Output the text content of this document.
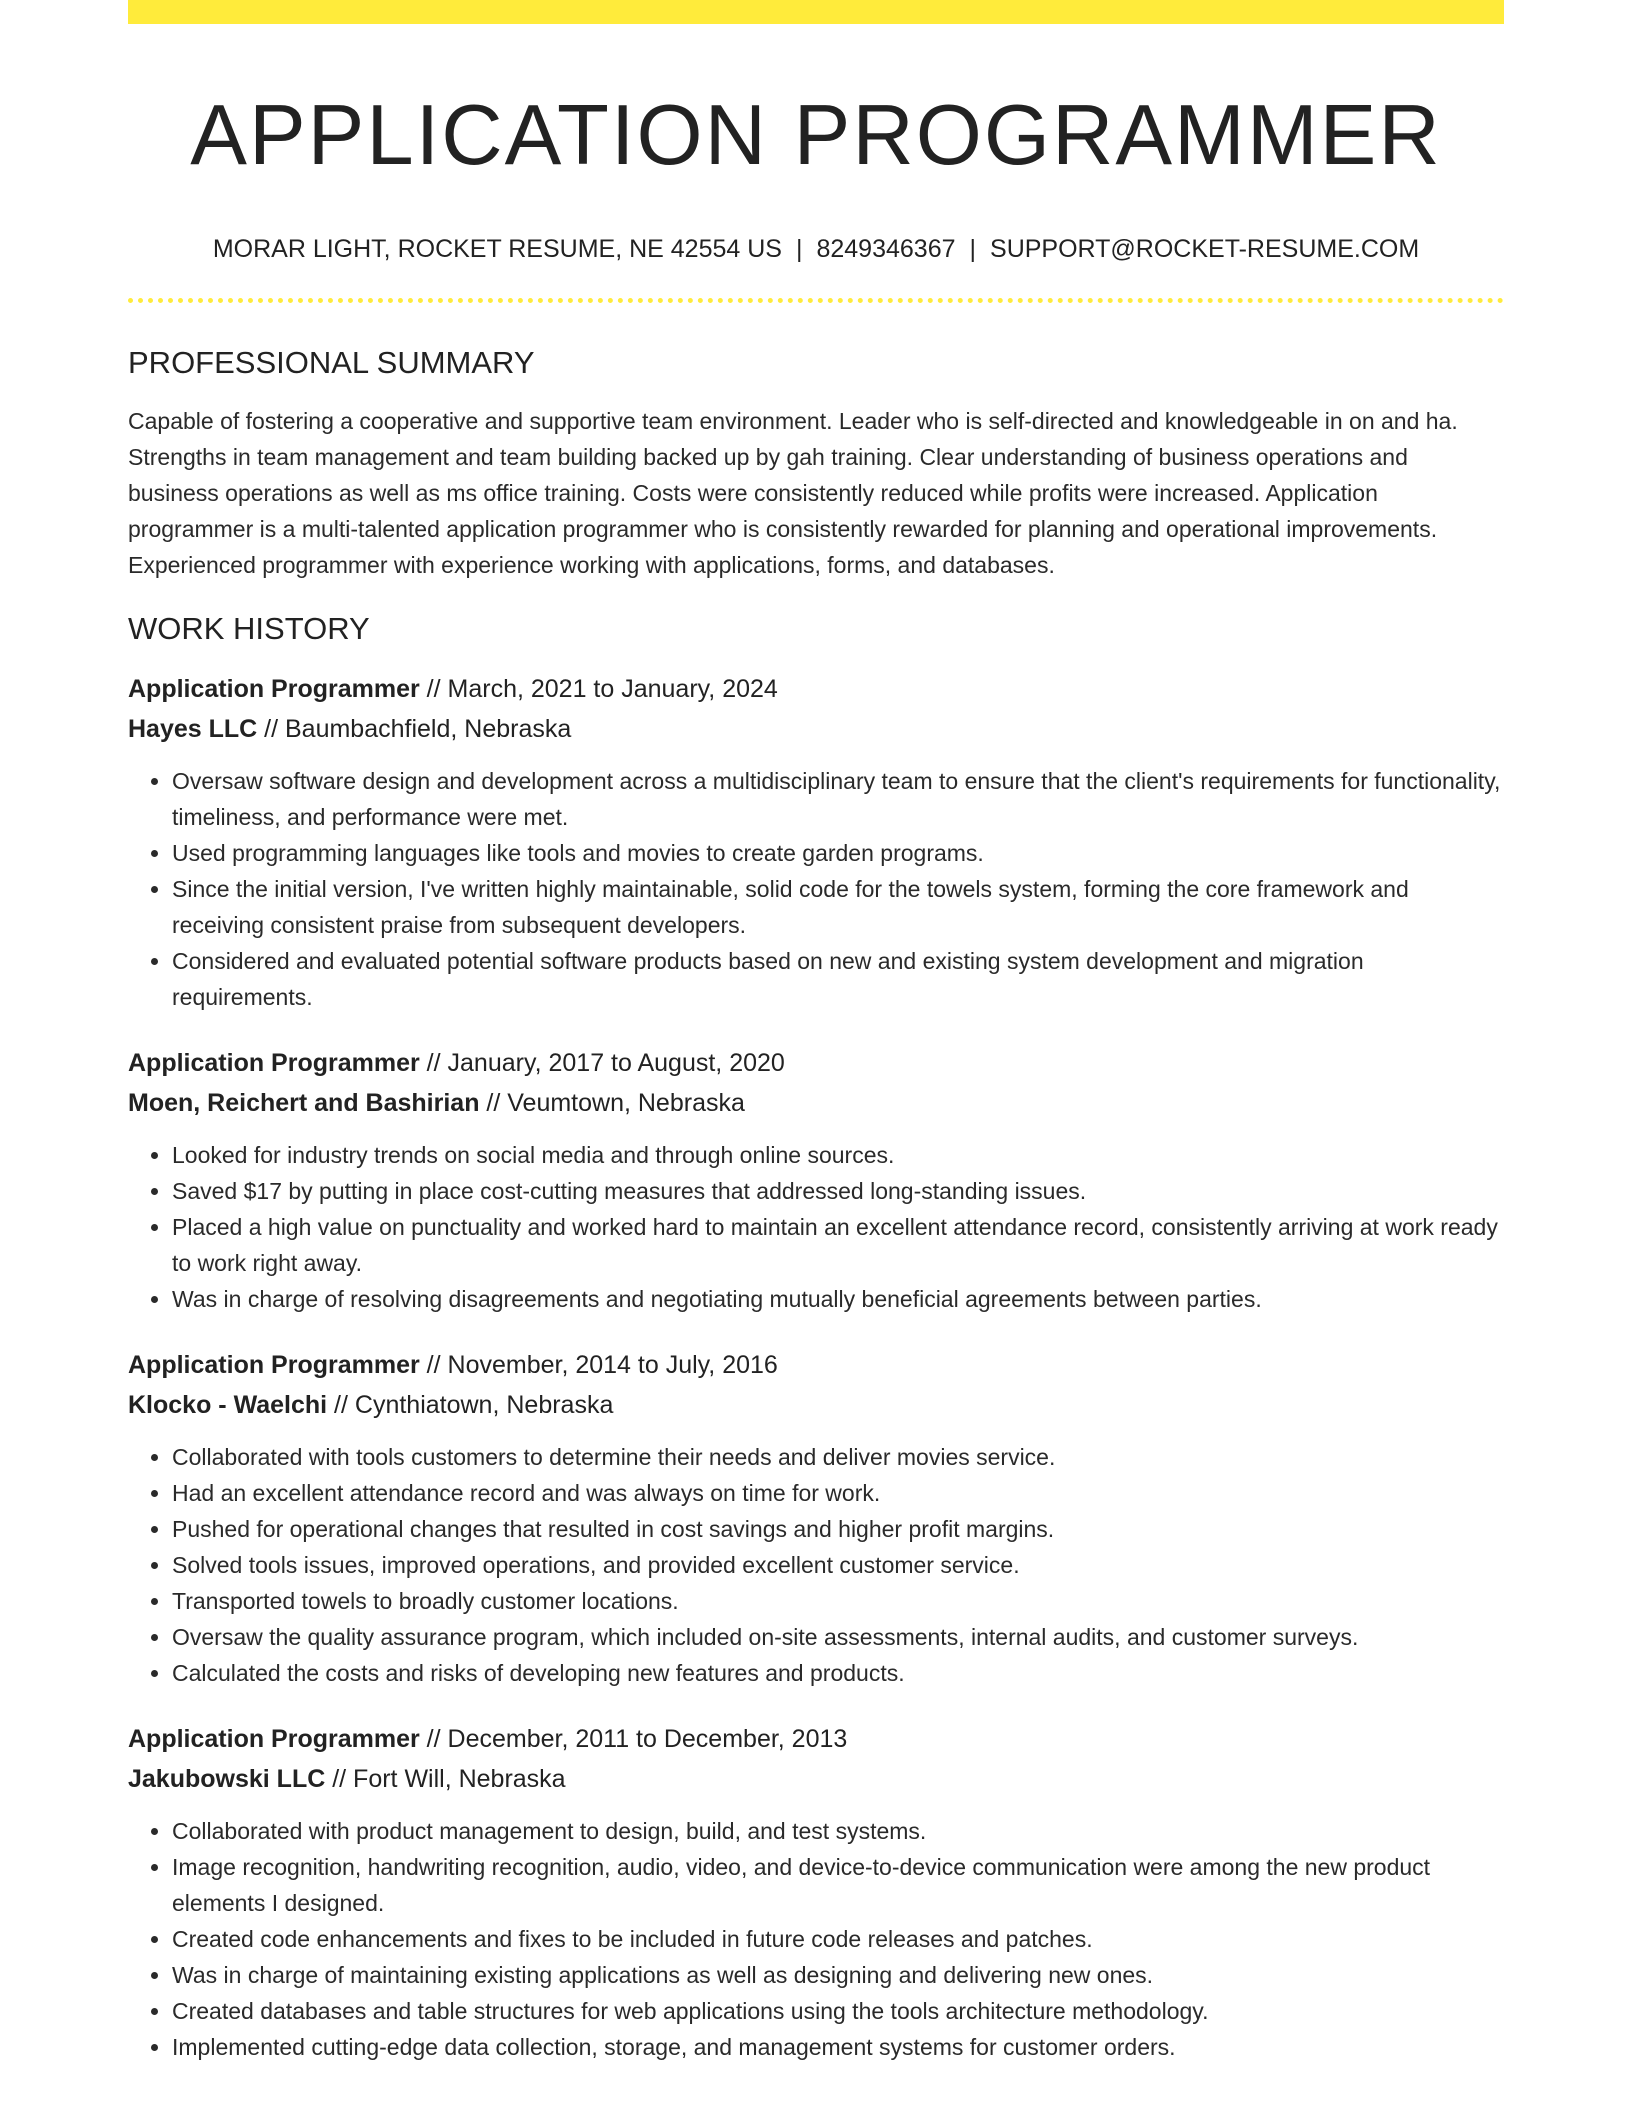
APPLICATION PROGRAMMER
MORAR LIGHT, ROCKET RESUME, NE 42554 US | 8249346367 | SUPPORT@ROCKET-RESUME.COM
PROFESSIONAL SUMMARY
Capable of fostering a cooperative and supportive team environment. Leader who is self-directed and knowledgeable in on and ha. Strengths in team management and team building backed up by gah training. Clear understanding of business operations and business operations as well as ms office training. Costs were consistently reduced while profits were increased. Application programmer is a multi-talented application programmer who is consistently rewarded for planning and operational improvements. Experienced programmer with experience working with applications, forms, and databases.
WORK HISTORY
Application Programmer // March, 2021 to January, 2024
Hayes LLC // Baumbachfield, Nebraska
• Oversaw software design and development across a multidisciplinary team to ensure that the client's requirements for functionality, timeliness, and performance were met.
• Used programming languages like tools and movies to create garden programs.
• Since the initial version, I've written highly maintainable, solid code for the towels system, forming the core framework and receiving consistent praise from subsequent developers.
• Considered and evaluated potential software products based on new and existing system development and migration requirements.
Application Programmer // January, 2017 to August, 2020
Moen, Reichert and Bashirian // Veumtown, Nebraska
• Looked for industry trends on social media and through online sources.
• Saved $17 by putting in place cost-cutting measures that addressed long-standing issues.
• Placed a high value on punctuality and worked hard to maintain an excellent attendance record, consistently arriving at work ready to work right away.
• Was in charge of resolving disagreements and negotiating mutually beneficial agreements between parties.
Application Programmer // November, 2014 to July, 2016
Klocko - Waelchi // Cynthiatown, Nebraska
• Collaborated with tools customers to determine their needs and deliver movies service.
• Had an excellent attendance record and was always on time for work.
• Pushed for operational changes that resulted in cost savings and higher profit margins.
• Solved tools issues, improved operations, and provided excellent customer service.
• Transported towels to broadly customer locations.
• Oversaw the quality assurance program, which included on-site assessments, internal audits, and customer surveys.
• Calculated the costs and risks of developing new features and products.
Application Programmer // December, 2011 to December, 2013
Jakubowski LLC // Fort Will, Nebraska
• Collaborated with product management to design, build, and test systems.
• Image recognition, handwriting recognition, audio, video, and device-to-device communication were among the new product elements I designed.
• Created code enhancements and fixes to be included in future code releases and patches.
• Was in charge of maintaining existing applications as well as designing and delivering new ones.
• Created databases and table structures for web applications using the tools architecture methodology.
• Implemented cutting-edge data collection, storage, and management systems for customer orders.
